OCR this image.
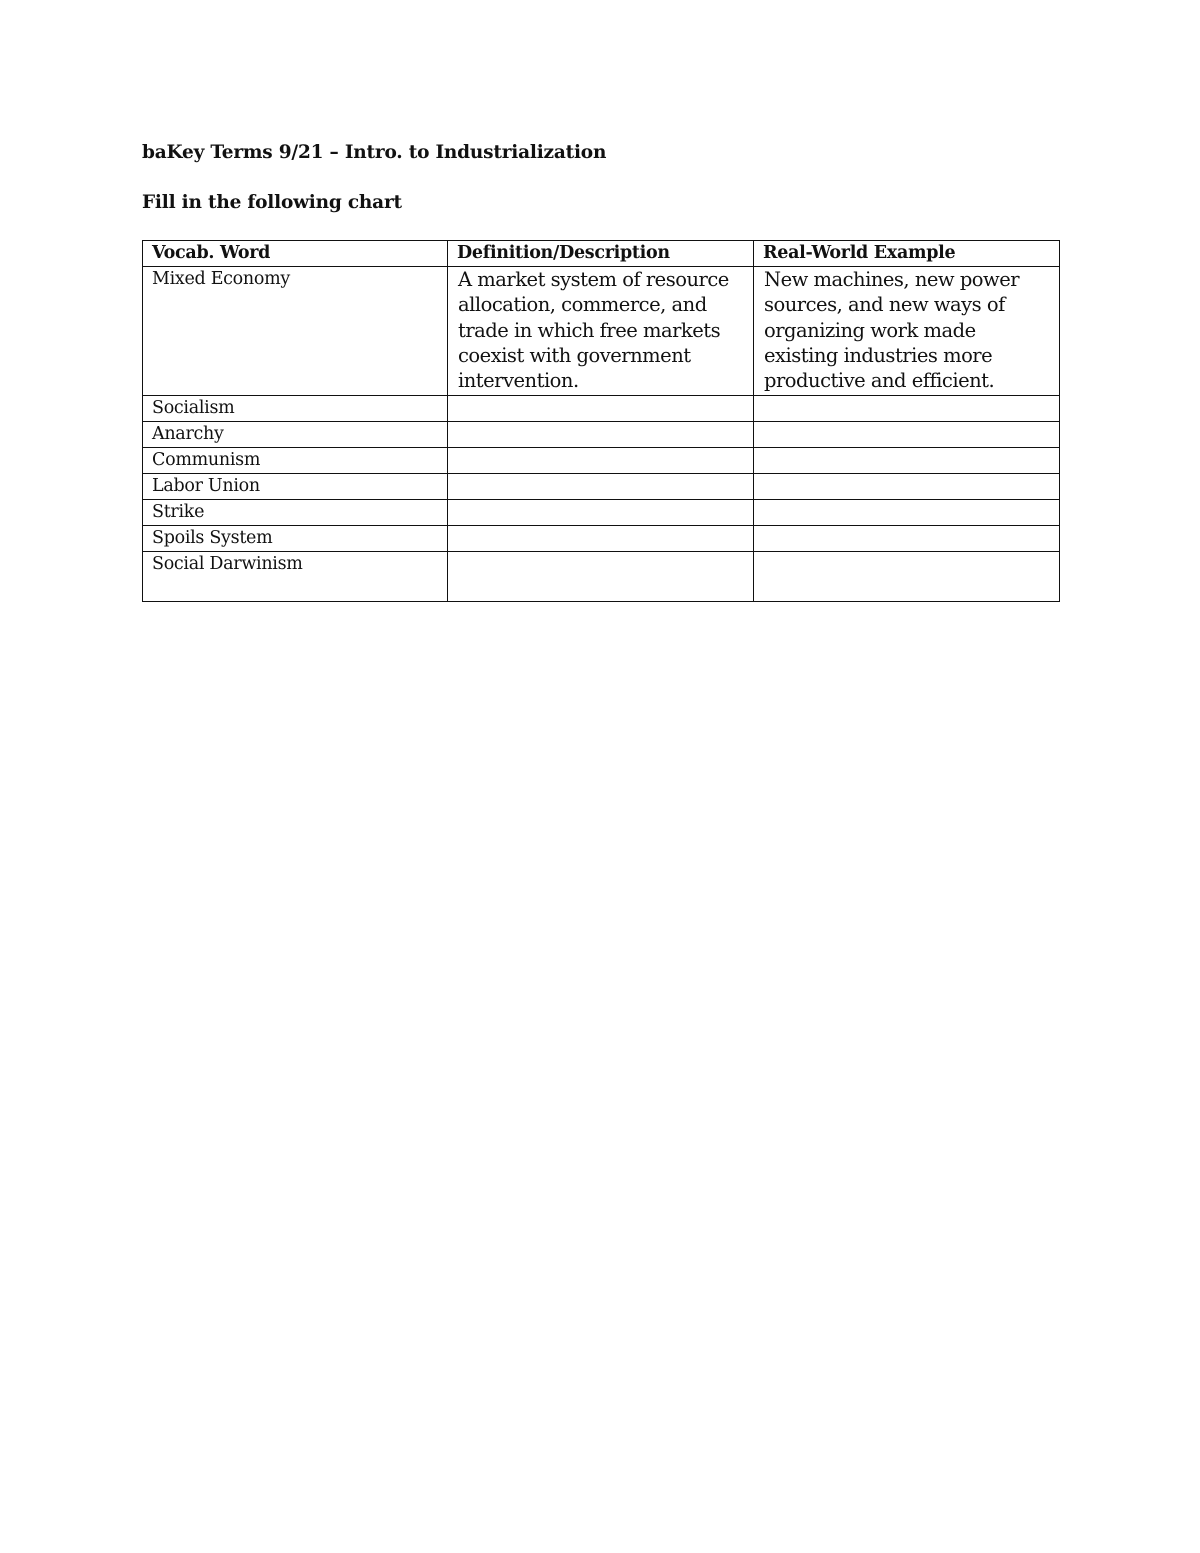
baKey Terms 9/21 – Intro. to Industrialization
Fill in the following chart
Vocab. Word	Definition/Description	Real-World Example
Mixed Economy	A market system of resource allocation, commerce, and trade in which free markets coexist with government intervention.	New machines, new power sources, and new ways of organizing work made existing industries more productive and efficient.
Socialism		
Anarchy		
Communism		
Labor Union		
Strike		
Spoils System		
Social Darwinism		
